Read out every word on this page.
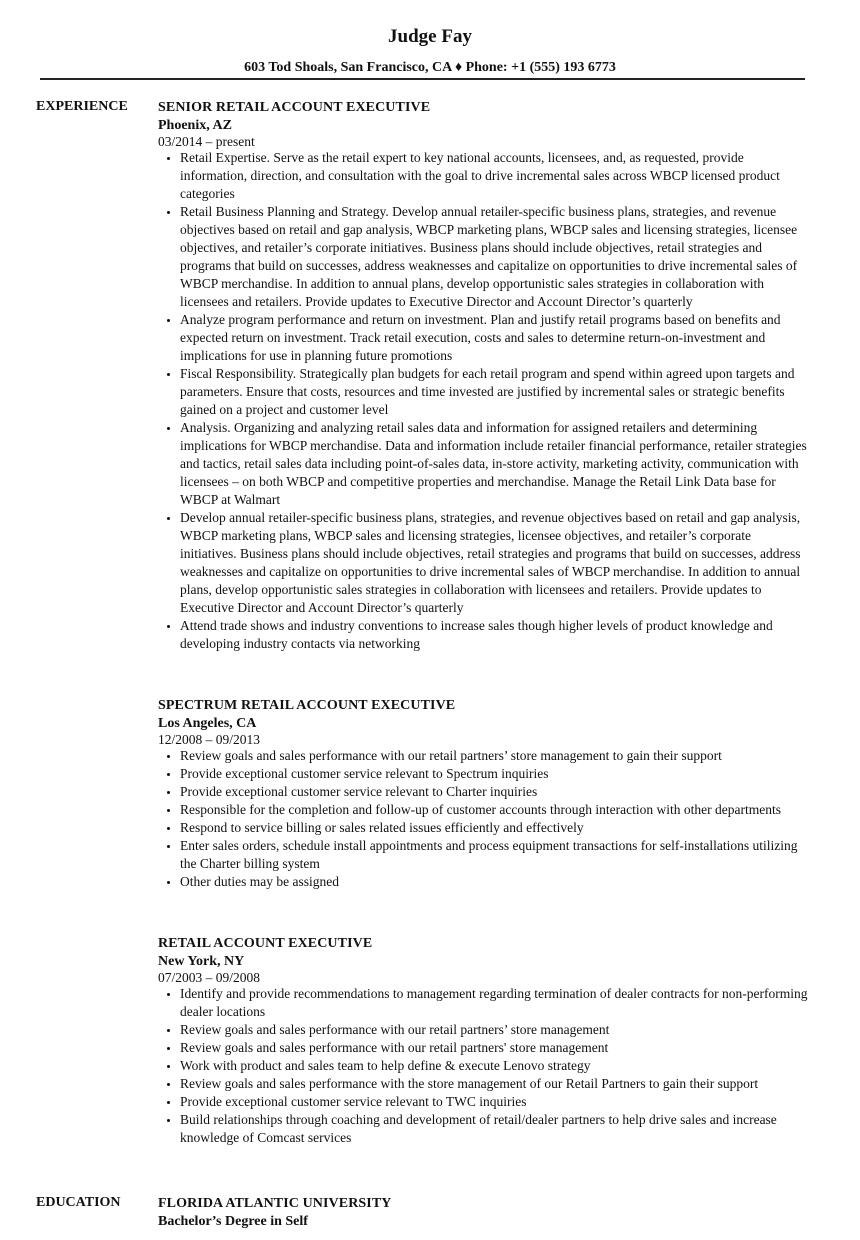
Judge Fay
603 Tod Shoals, San Francisco, CA ♦ Phone: +1 (555) 193 6773
EXPERIENCE	SENIOR RETAIL ACCOUNT EXECUTIVE
Phoenix, AZ
03/2014 – present
• Retail Expertise. Serve as the retail expert to key national accounts, licensees, and, as requested, provide information, direction, and consultation with the goal to drive incremental sales across WBCP licensed product categories
• Retail Business Planning and Strategy. Develop annual retailer-specific business plans, strategies, and revenue objectives based on retail and gap analysis, WBCP marketing plans, WBCP sales and licensing strategies, licensee objectives, and retailer’s corporate initiatives. Business plans should include objectives, retail strategies and programs that build on successes, address weaknesses and capitalize on opportunities to drive incremental sales of WBCP merchandise. In addition to annual plans, develop opportunistic sales strategies in collaboration with licensees and retailers. Provide updates to Executive Director and Account Director’s quarterly
• Analyze program performance and return on investment. Plan and justify retail programs based on benefits and expected return on investment. Track retail execution, costs and sales to determine return-on-investment and implications for use in planning future promotions
• Fiscal Responsibility. Strategically plan budgets for each retail program and spend within agreed upon targets and parameters. Ensure that costs, resources and time invested are justified by incremental sales or strategic benefits gained on a project and customer level
• Analysis. Organizing and analyzing retail sales data and information for assigned retailers and determining implications for WBCP merchandise. Data and information include retailer financial performance, retailer strategies and tactics, retail sales data including point-of-sales data, in-store activity, marketing activity, communication with licensees – on both WBCP and competitive properties and merchandise. Manage the Retail Link Data base for WBCP at Walmart
• Develop annual retailer-specific business plans, strategies, and revenue objectives based on retail and gap analysis, WBCP marketing plans, WBCP sales and licensing strategies, licensee objectives, and retailer’s corporate initiatives. Business plans should include objectives, retail strategies and programs that build on successes, address weaknesses and capitalize on opportunities to drive incremental sales of WBCP merchandise. In addition to annual plans, develop opportunistic sales strategies in collaboration with licensees and retailers. Provide updates to Executive Director and Account Director’s quarterly
• Attend trade shows and industry conventions to increase sales though higher levels of product knowledge and developing industry contacts via networking
SPECTRUM RETAIL ACCOUNT EXECUTIVE
Los Angeles, CA
12/2008 – 09/2013
• Review goals and sales performance with our retail partners’ store management to gain their support
• Provide exceptional customer service relevant to Spectrum inquiries
• Provide exceptional customer service relevant to Charter inquiries
• Responsible for the completion and follow-up of customer accounts through interaction with other departments
• Respond to service billing or sales related issues efficiently and effectively
• Enter sales orders, schedule install appointments and process equipment transactions for self-installations utilizing the Charter billing system
• Other duties may be assigned
RETAIL ACCOUNT EXECUTIVE
New York, NY
07/2003 – 09/2008
• Identify and provide recommendations to management regarding termination of dealer contracts for non-performing dealer locations
• Review goals and sales performance with our retail partners’ store management
• Review goals and sales performance with our retail partners' store management
• Work with product and sales team to help define & execute Lenovo strategy
• Review goals and sales performance with the store management of our Retail Partners to gain their support
• Provide exceptional customer service relevant to TWC inquiries
• Build relationships through coaching and development of retail/dealer partners to help drive sales and increase knowledge of Comcast services
EDUCATION	FLORIDA ATLANTIC UNIVERSITY
Bachelor’s Degree in Self
